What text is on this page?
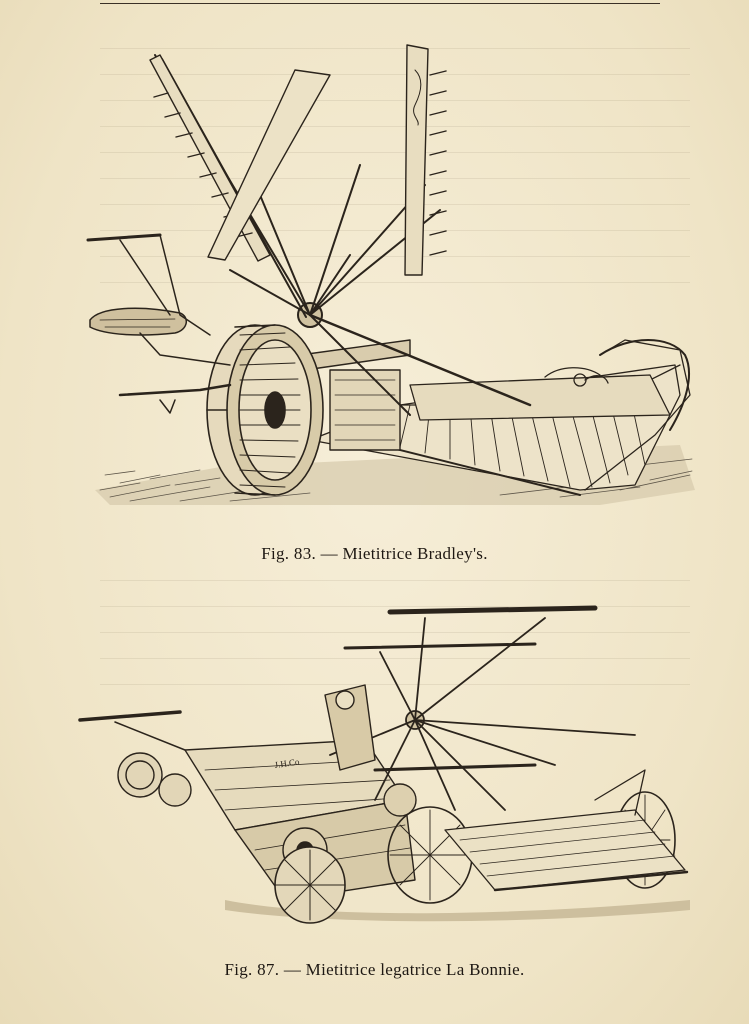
Fig. 83. — Mietitrice Bradley's.
J.H.Co
Fig. 87. — Mietitrice legatrice La Bonnie.
